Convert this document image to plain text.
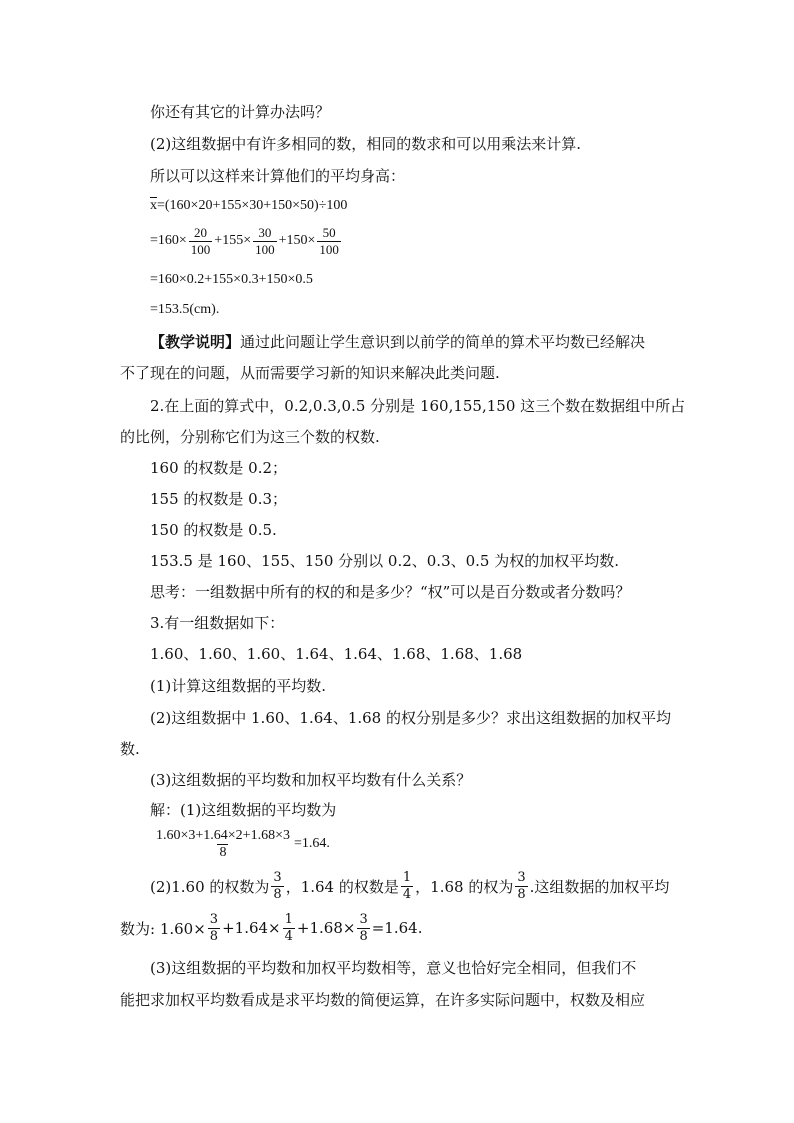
你还有其它的计算办法吗？
(2)这组数据中有许多相同的数，相同的数求和可以用乘法来计算.
所以可以这样来计算他们的平均身高：
$\overline{x} =(160\times 20+155\times 30+150\times 50)\div 100$
$=160\times \frac{20}{100} +155\times \frac{30}{100} +150\times \frac{50}{100}$
=160×0.2+155×0.3+150×0.5
=153.5(cm).
【教学说明】通过此问题让学生意识到以前学的简单的算术平均数已经解决
不了现在的问题，从而需要学习新的知识来解决此类问题.
2.在上面的算式中，0.2,0.3,0.5 分别是 160,155,150 这三个数在数据组中所占
的比例，分别称它们为这三个数的权数.
160 的权数是 0.2；
155 的权数是 0.3；
150 的权数是 0.5.
153.5 是 160、155、150 分别以 0.2、0.3、0.5 为权的加权平均数.
思考：一组数据中所有的权的和是多少？“权”可以是百分数或者分数吗？
3.有一组数据如下：
1.60、1.60、1.60、1.64、1.64、1.68、1.68、1.68
(1)计算这组数据的平均数.
(2)这组数据中 1.60、1.64、1.68 的权分别是多少？求出这组数据的加权平均
数.
(3)这组数据的平均数和加权平均数有什么关系？
解：(1)这组数据的平均数为
$\frac{1.60\times 3+1.64\times 2+1.68\times 3}{8} =1.64$.
(2)1.60 的权数为 $\frac{3}{8}$ ，1.64 的权数是 $\frac{1}{4}$ ，1.68 的权为 $\frac{3}{8}$ .这组数据的加权平均
数为: $1.60\times \frac{3}{8} +1.64\times \frac{1}{4} +1.68\times \frac{3}{8} =1.64$.
(3)这组数据的平均数和加权平均数相等，意义也恰好完全相同，但我们不
能把求加权平均数看成是求平均数的简便运算，在许多实际问题中，权数及相应
